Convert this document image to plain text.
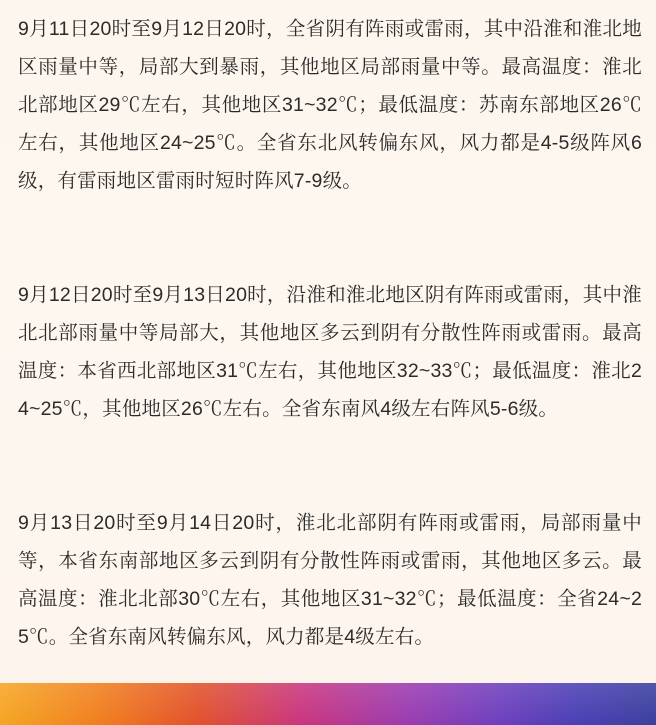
9月11日20时至9月12日20时，全省阴有阵雨或雷雨，其中沿淮和淮北地区雨量中等，局部大到暴雨，其他地区局部雨量中等。最高温度：淮北北部地区29℃左右，其他地区31~32℃；最低温度：苏南东部地区26℃左右，其他地区24~25℃。全省东北风转偏东风，风力都是4-5级阵风6级，有雷雨地区雷雨时短时阵风7-9级。

9月12日20时至9月13日20时，沿淮和淮北地区阴有阵雨或雷雨，其中淮北北部雨量中等局部大，其他地区多云到阴有分散性阵雨或雷雨。最高温度：本省西北部地区31℃左右，其他地区32~33℃；最低温度：淮北24~25℃，其他地区26℃左右。全省东南风4级左右阵风5-6级。

9月13日20时至9月14日20时，淮北北部阴有阵雨或雷雨，局部雨量中等，本省东南部地区多云到阴有分散性阵雨或雷雨，其他地区多云。最高温度：淮北北部30℃左右，其他地区31~32℃；最低温度：全省24~25℃。全省东南风转偏东风，风力都是4级左右。
